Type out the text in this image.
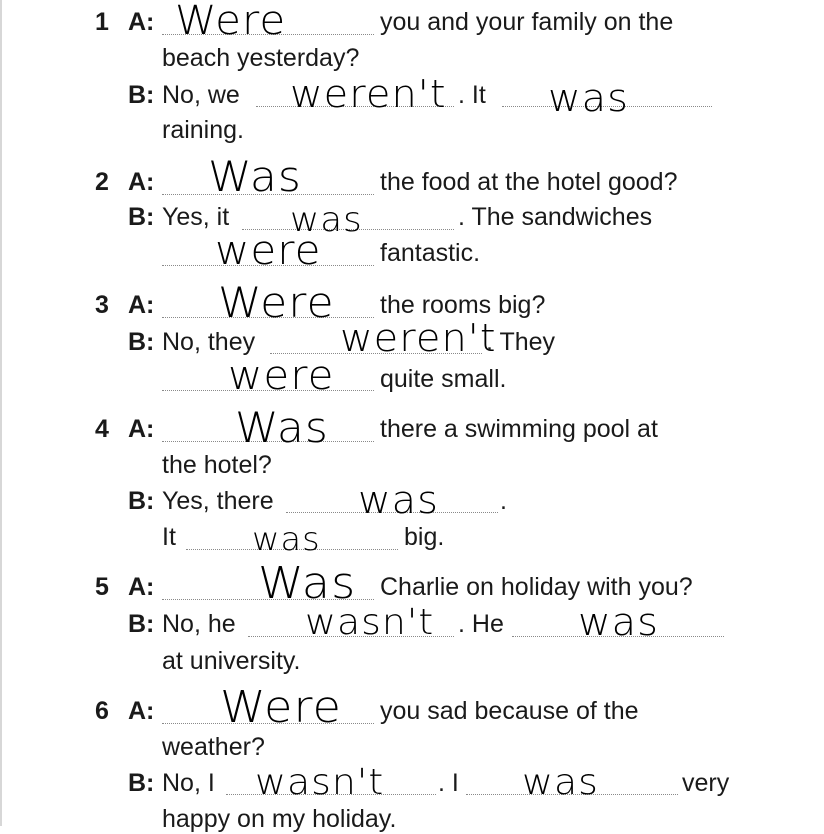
1 A: Were	you and your family on the
beach yesterday?
B: No, we weren't . It was
raining.
2 A: Was	the food at the hotel good?
B: Yes, it was	. The sandwiches
were fantastic.
3 A: Were the rooms big?
B: No, they weren't
. They
were quite small.
4 A: Was there a swimming pool at
the hotel?
B: Yes, there was .
It was	big.
5 A: Was Charlie on holiday with you?
B: No, he wasn't . He was
at university.
6 A: Were you sad because of the
weather?
B: No, I wasn't . I was	very
happy on my holiday.
